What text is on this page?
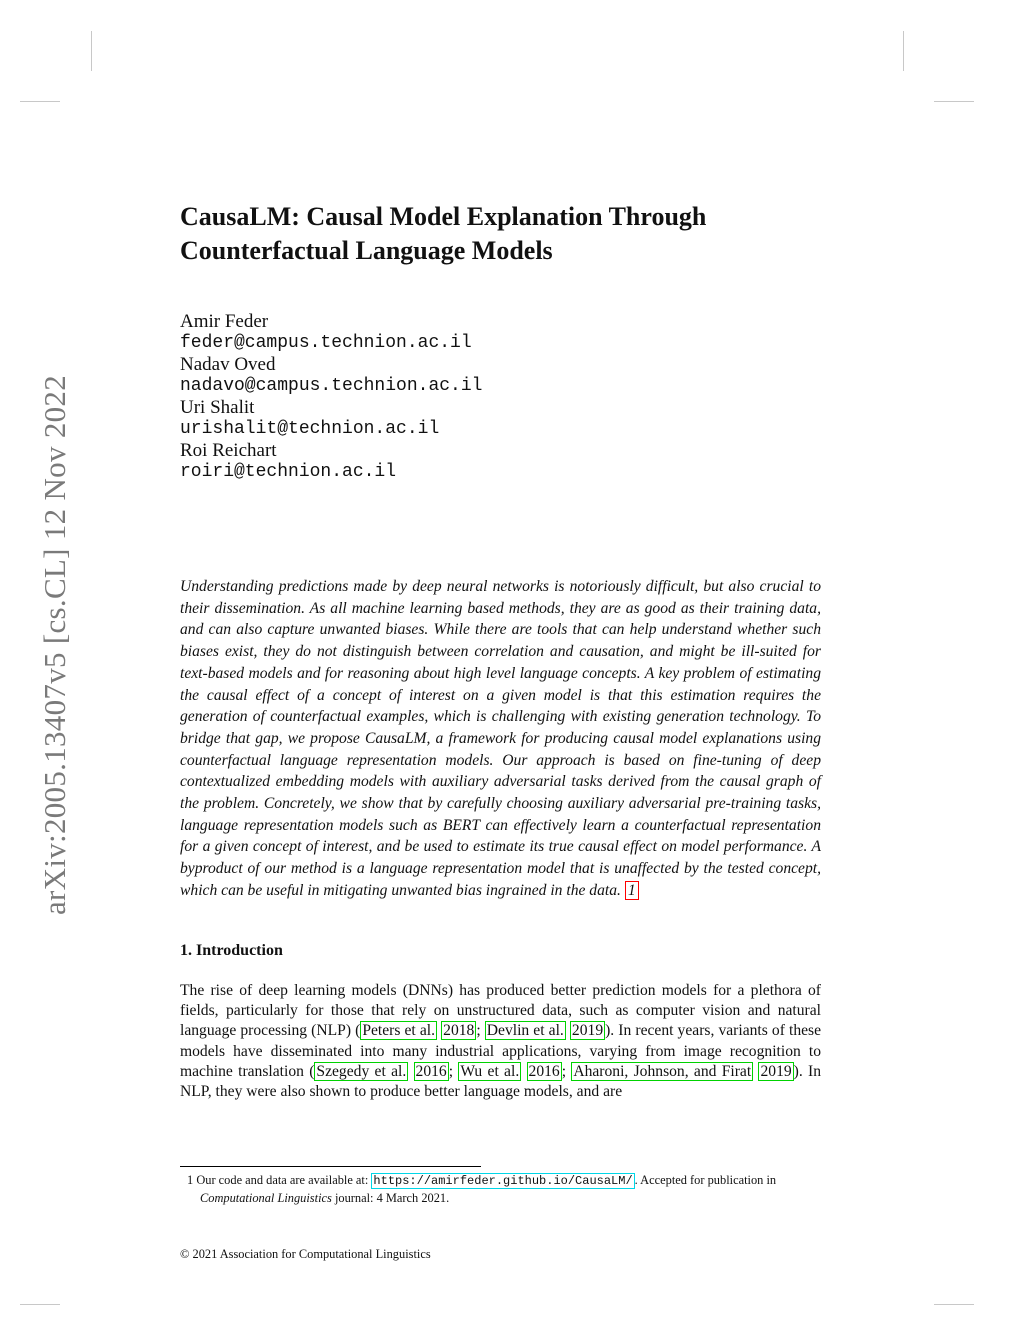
arXiv:2005.13407v5 [cs.CL] 12 Nov 2022
CausaLM: Causal Model Explanation Through
Counterfactual Language Models
Amir Feder
feder@campus.technion.ac.il
Nadav Oved
nadavo@campus.technion.ac.il
Uri Shalit
urishalit@technion.ac.il
Roi Reichart
roiri@technion.ac.il

Understanding predictions made by deep neural networks is notoriously difficult, but also crucial to their dissemination. As all machine learning based methods, they are as good as their training data, and can also capture unwanted biases. While there are tools that can help understand whether such biases exist, they do not distinguish between correlation and causation, and might be ill-suited for text-based models and for reasoning about high level language concepts. A key problem of estimating the causal effect of a concept of interest on a given model is that this estimation requires the generation of counterfactual examples, which is challenging with existing generation technology. To bridge that gap, we propose CausaLM, a framework for producing causal model explanations using counterfactual language representation models. Our approach is based on fine-tuning of deep contextualized embedding models with auxiliary adversarial tasks derived from the causal graph of the problem. Concretely, we show that by carefully choosing auxiliary adversarial pre-training tasks, language representation models such as BERT can effectively learn a counterfactual representation for a given concept of interest, and be used to estimate its true causal effect on model performance. A byproduct of our method is a language representation model that is unaffected by the tested concept, which can be useful in mitigating unwanted bias ingrained in the data. 1

1. Introduction

The rise of deep learning models (DNNs) has produced better prediction models for a plethora of fields, particularly for those that rely on unstructured data, such as computer vision and natural language processing (NLP) ( Peters et al. 2018 ; Devlin et al. 2019 ). In recent years, variants of these models have disseminated into many industrial applications, varying from image recognition to machine translation ( Szegedy et al. 2016 ; Wu et al. 2016 ; Aharoni, Johnson, and Firat 2019 ). In NLP, they were also shown to produce better language models, and are

1 Our code and data are available at: https://amirfeder.github.io/CausaLM/ . Accepted for publication in Computational Linguistics journal: 4 March 2021.

© 2021 Association for Computational Linguistics
